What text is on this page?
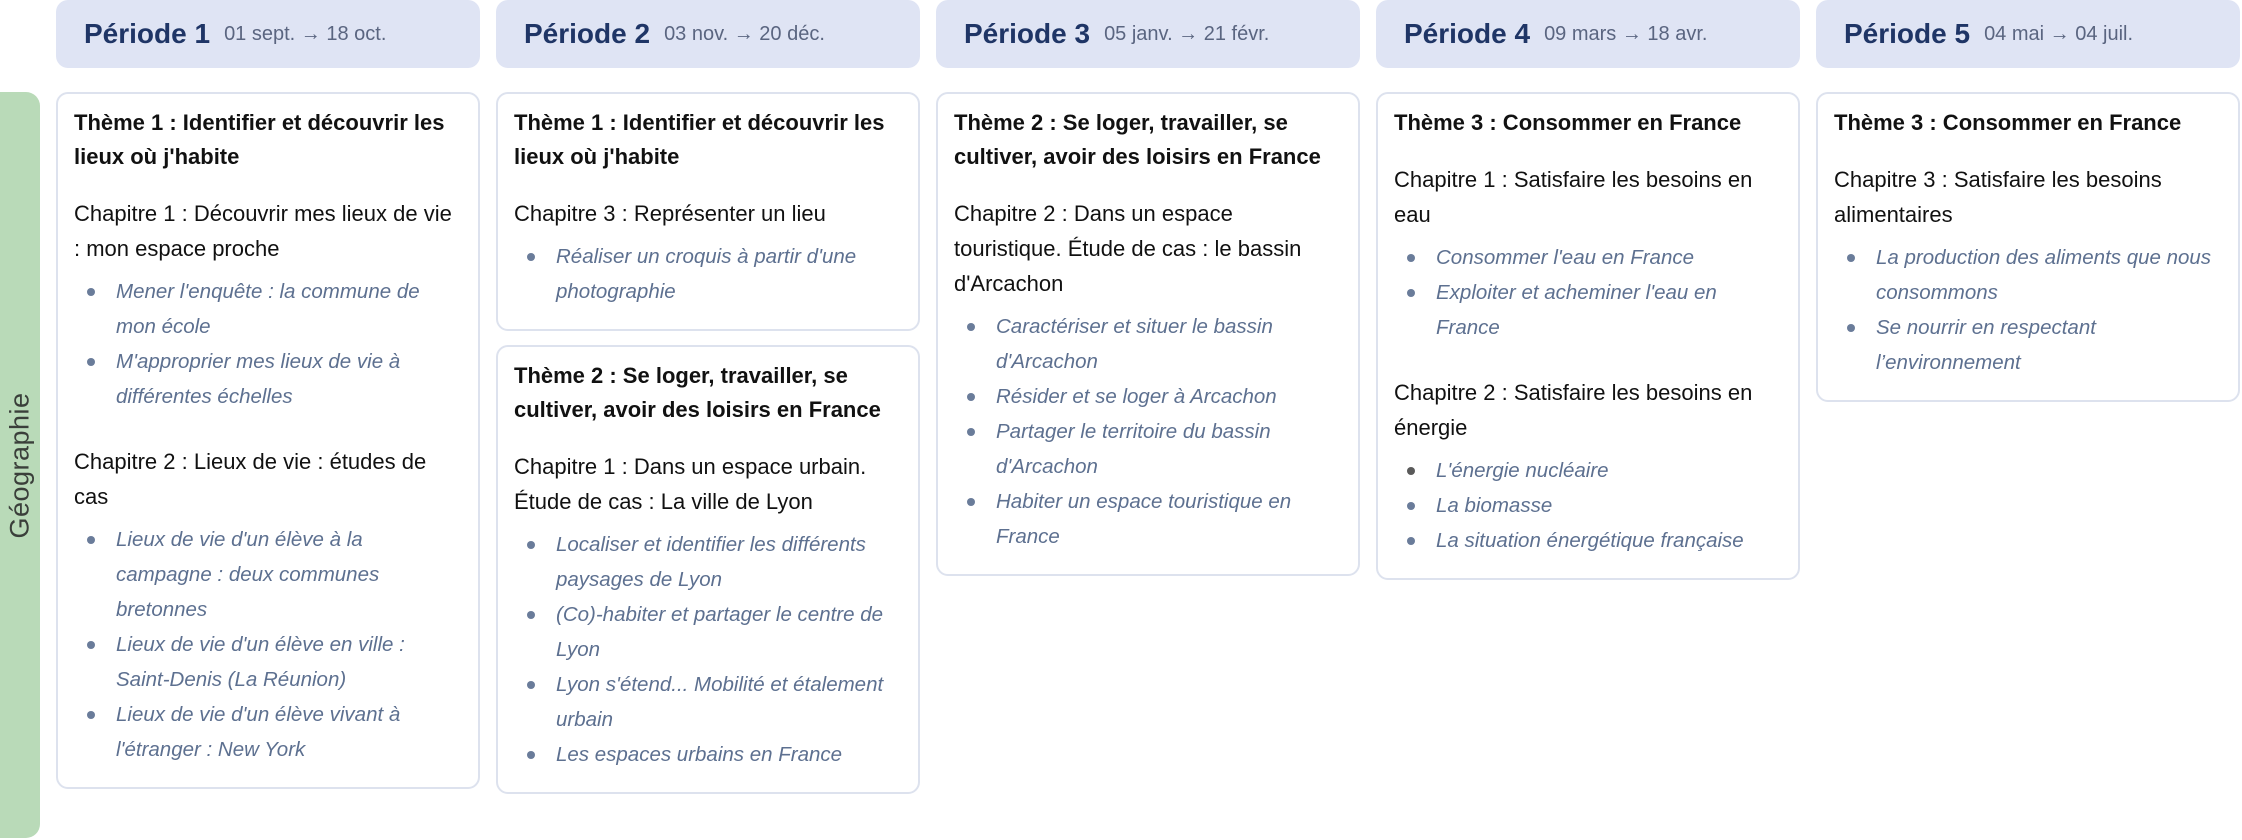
Géographie
Période 1 01 sept. → 18 oct.
Thème 1 : Identifier et découvrir les lieux où j'habite
Chapitre 1 : Découvrir mes lieux de vie : mon espace proche
Mener l'enquête : la commune de mon école
M'approprier mes lieux de vie à différentes échelles
Chapitre 2 : Lieux de vie : études de cas
Lieux de vie d'un élève à la campagne : deux communes bretonnes
Lieux de vie d'un élève en ville : Saint-Denis (La Réunion)
Lieux de vie d'un élève vivant à l'étranger : New York
Période 2 03 nov. → 20 déc.
Thème 1 : Identifier et découvrir les lieux où j'habite
Chapitre 3 : Représenter un lieu
Réaliser un croquis à partir d'une photographie
Thème 2 : Se loger, travailler, se cultiver, avoir des loisirs en France
Chapitre 1 : Dans un espace urbain. Étude de cas : La ville de Lyon
Localiser et identifier les différents paysages de Lyon
(Co)-habiter et partager le centre de Lyon
Lyon s'étend... Mobilité et étalement urbain
Les espaces urbains en France
Période 3 05 janv. → 21 févr.
Thème 2 : Se loger, travailler, se cultiver, avoir des loisirs en France
Chapitre 2 : Dans un espace touristique. Étude de cas : le bassin d'Arcachon
Caractériser et situer le bassin d'Arcachon
Résider et se loger à Arcachon
Partager le territoire du bassin d'Arcachon
Habiter un espace touristique en France
Période 4 09 mars → 18 avr.
Thème 3 : Consommer en France
Chapitre 1 : Satisfaire les besoins en eau
Consommer l'eau en France
Exploiter et acheminer l'eau en France
Chapitre 2 : Satisfaire les besoins en énergie
L'énergie nucléaire
La biomasse
La situation énergétique française
Période 5 04 mai → 04 juil.
Thème 3 : Consommer en France
Chapitre 3 : Satisfaire les besoins alimentaires
La production des aliments que nous consommons
Se nourrir en respectant l’environnement
